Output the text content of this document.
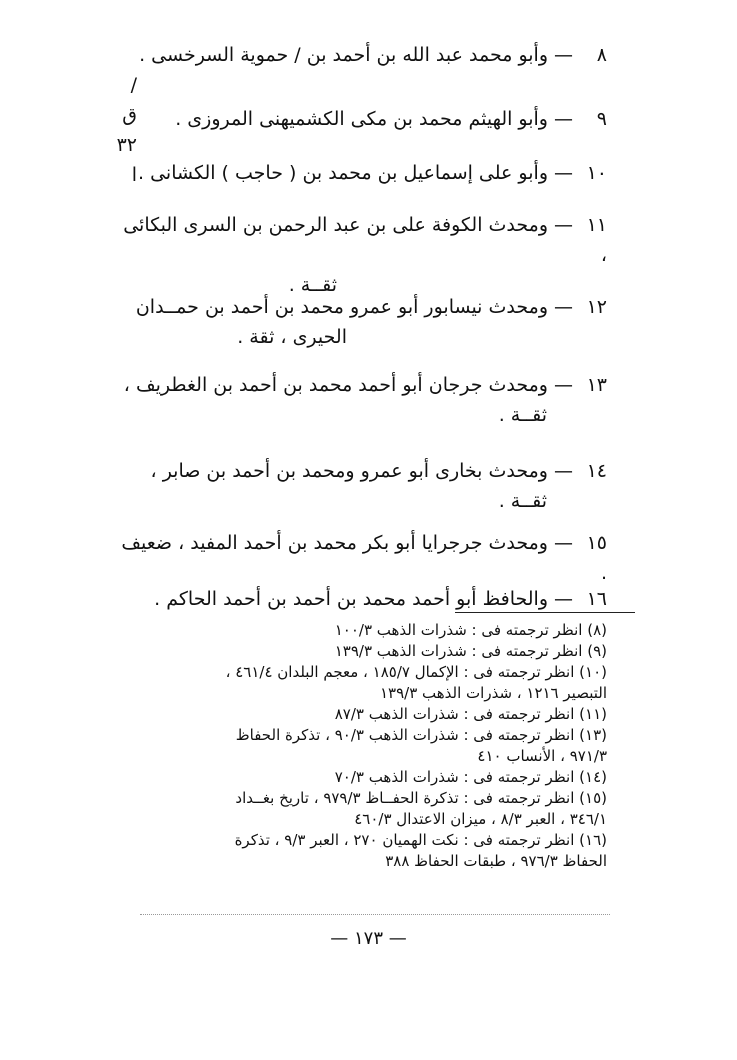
٨—وأبو محمد عبد الله بن أحمد بن / حموية السرخسى .

/ ق ٣٢ ا

٩—وأبو الهيثم محمد بن مكى الكشميهنى المروزى .

١٠—وأبو على إسماعيل بن محمد بن ( حاجب ) الكشانى .

١١—ومحدث الكوفة على بن عبد الرحمن بن السرى البكائى ،

ثقــة .

١٢—ومحدث نيسابور أبو عمرو محمد بن أحمد بن حمــدان

الحيرى ، ثقة .

١٣—ومحدث جرجان أبو أحمد محمد بن أحمد بن الغطريف ،

ثقــة .

١٤—ومحدث بخارى أبو عمرو ومحمد بن أحمد بن صابر ،

ثقــة .

١٥—ومحدث جرجرايا أبو بكر محمد بن أحمد المفيد ، ضعيف .

١٦—والحافظ أبو أحمد محمد بن أحمد بن أحمد الحاكم .

(٨) انظر ترجمته فى : شذرات الذهب ١٠٠/٣

(٩) انظر ترجمته فى : شذرات الذهب ١٣٩/٣

(١٠) انظر ترجمته فى : الإكمال ١٨٥/٧ ، معجم البلدان ٤٦١/٤ ،

التبصير ١٢١٦ ، شذرات الذهب ١٣٩/٣

(١١) انظر ترجمته فى : شذرات الذهب ٨٧/٣

(١٣) انظر ترجمته فى : شذرات الذهب ٩٠/٣ ، تذكرة الحفاظ

٩٧١/٣ ، الأنساب ٤١٠

(١٤) انظر ترجمته فى : شذرات الذهب ٧٠/٣

(١٥) انظر ترجمته فى : تذكرة الحفــاظ ٩٧٩/٣ ، تاريخ بغــداد

٣٤٦/١ ، العبر ٨/٣ ، ميزان الاعتدال ٤٦٠/٣

(١٦) انظر ترجمته فى : نكت الهميان ٢٧٠ ، العبر ٩/٣ ، تذكرة

الحفاظ ٩٧٦/٣ ، طبقات الحفاظ ٣٨٨

— ١٧٣ —
